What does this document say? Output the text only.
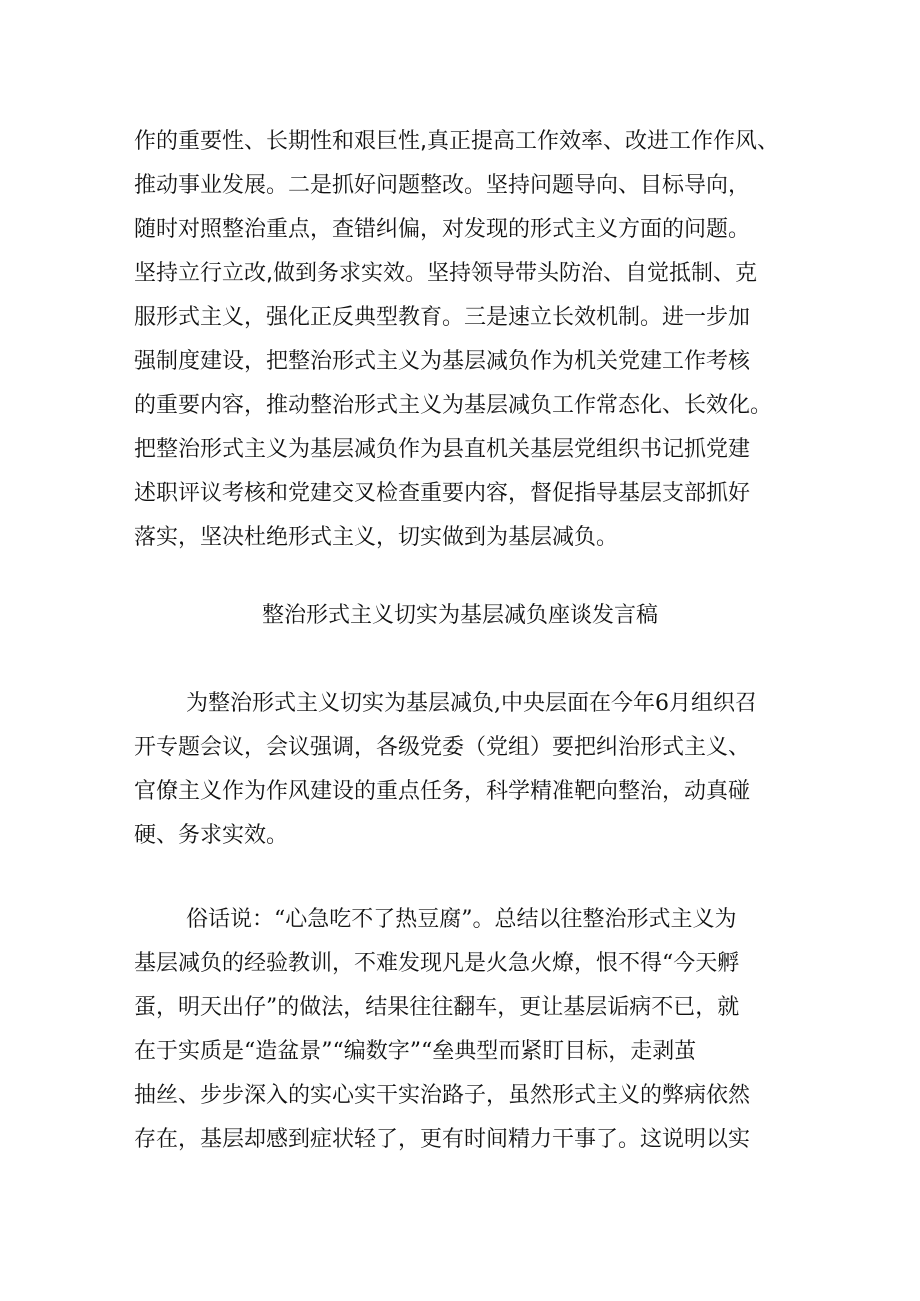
作的重要性、长期性和艰巨性,真正提高工作效率、改进工作作风、
推动事业发展。二是抓好问题整改。坚持问题导向、目标导向，
随时对照整治重点，查错纠偏，对发现的形式主义方面的问题。
坚持立行立改,做到务求实效。坚持领导带头防治、自觉抵制、克
服形式主义，强化正反典型教育。三是速立长效机制。进一步加
强制度建设，把整治形式主义为基层减负作为机关党建工作考核
的重要内容，推动整治形式主义为基层减负工作常态化、长效化。
把整治形式主义为基层减负作为县直机关基层党组织书记抓党建
述职评议考核和党建交叉检查重要内容，督促指导基层支部抓好
落实，坚决杜绝形式主义，切实做到为基层减负。
整治形式主义切实为基层减负座谈发言稿
为整治形式主义切实为基层减负,中央层面在今年6月组织召
开专题会议，会议强调，各级党委（党组）要把纠治形式主义、
官僚主义作为作风建设的重点任务，科学精准靶向整治，动真碰
硬、务求实效。
俗话说：“心急吃不了热豆腐”。总结以往整治形式主义为
基层减负的经验教训，不难发现凡是火急火燎，恨不得“今天孵
蛋，明天出仔”的做法，结果往往翻车，更让基层诟病不已，就
在于实质是“造盆景”“编数字”“垒典型而紧盯目标，走剥茧
抽丝、步步深入的实心实干实治路子，虽然形式主义的弊病依然
存在，基层却感到症状轻了，更有时间精力干事了。这说明以实
